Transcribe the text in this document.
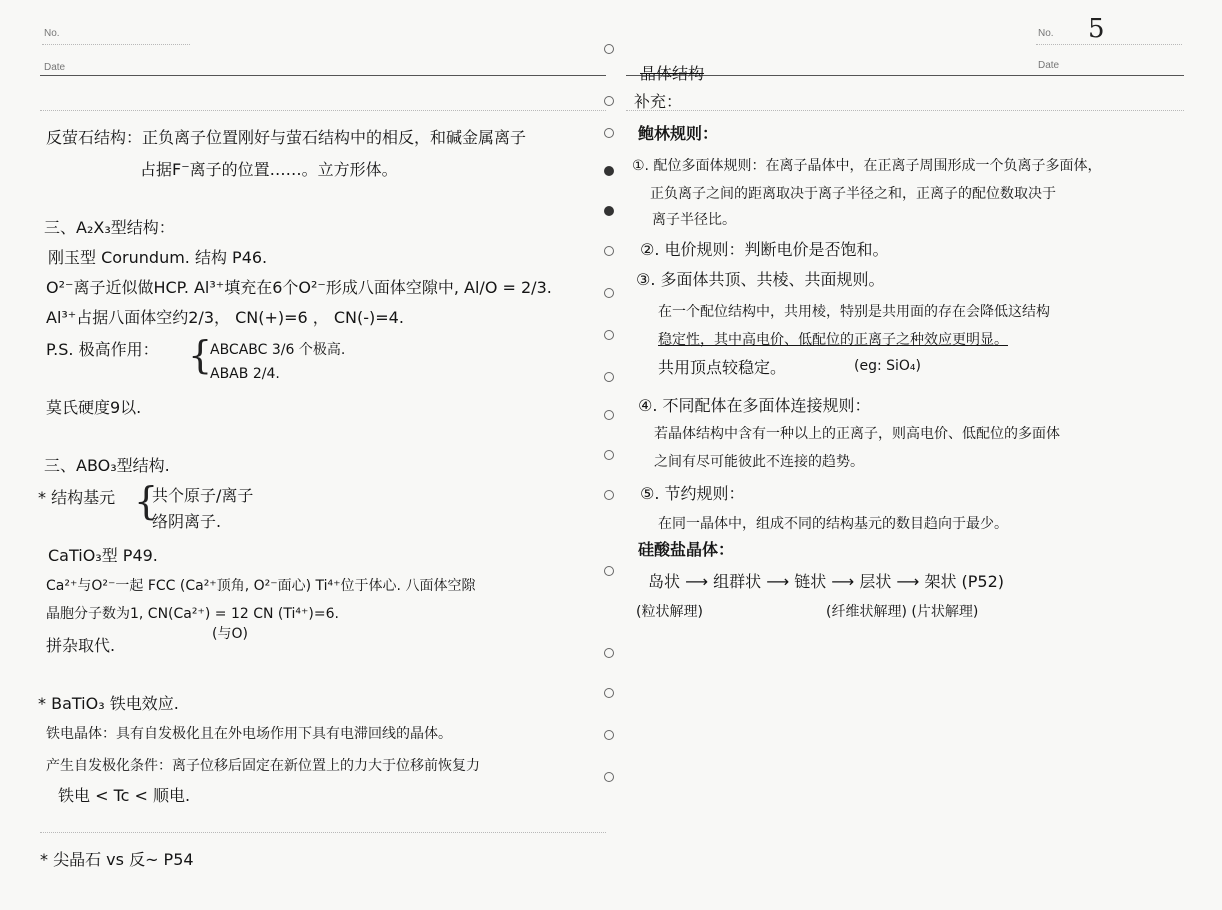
No.
Date
反萤石结构：正负离子位置刚好与萤石结构中的相反，和碱金属离子
占据F⁻离子的位置……。立方形体。
三、A₂X₃型结构：
刚玉型 Corundum. 结构 P46.
O²⁻离子近似做HCP. Al³⁺填充在6个O²⁻形成八面体空隙中, Al/O = 2/3.
Al³⁺占据八面体空约2/3， CN(+)=6 ， CN(-)=4.
P.S. 极高作用： {
ABCABC 3/6 个极高.
ABAB 2/4.
莫氏硬度9以.
三、ABO₃型结构.
* 结构基元 {
共个原子/离子
络阴离子.
CaTiO₃型 P49.
Ca²⁺与O²⁻一起 FCC (Ca²⁺顶角, O²⁻面心) Ti⁴⁺位于体心. 八面体空隙
晶胞分子数为1, CN(Ca²⁺) = 12 CN (Ti⁴⁺)=6.
(与O)
拼杂取代.
* BaTiO₃ 铁电效应.
铁电晶体：具有自发极化且在外电场作用下具有电滞回线的晶体。
产生自发极化条件：离子位移后固定在新位置上的力大于位移前恢复力
铁电 < Tc < 顺电.
* 尖晶石 vs 反~ P54
No. 5
Date
晶体结构
补充：
鲍林规则：
①. 配位多面体规则：在离子晶体中，在正离子周围形成一个负离子多面体，
正负离子之间的距离取决于离子半径之和，正离子的配位数取决于
离子半径比。
②. 电价规则：判断电价是否饱和。
③. 多面体共顶、共棱、共面规则。
在一个配位结构中，共用棱，特别是共用面的存在会降低这结构
稳定性，其中高电价、低配位的正离子之种效应更明显。
共用顶点较稳定。	(eg: SiO₄)
④. 不同配体在多面体连接规则：
若晶体结构中含有一种以上的正离子，则高电价、低配位的多面体
之间有尽可能彼此不连接的趋势。
⑤. 节约规则：
在同一晶体中，组成不同的结构基元的数目趋向于最少。
硅酸盐晶体：
岛状 ⟶ 组群状 ⟶ 链状 ⟶ 层状 ⟶ 架状 (P52)
(粒状解理)	(纤维状解理) (片状解理)
